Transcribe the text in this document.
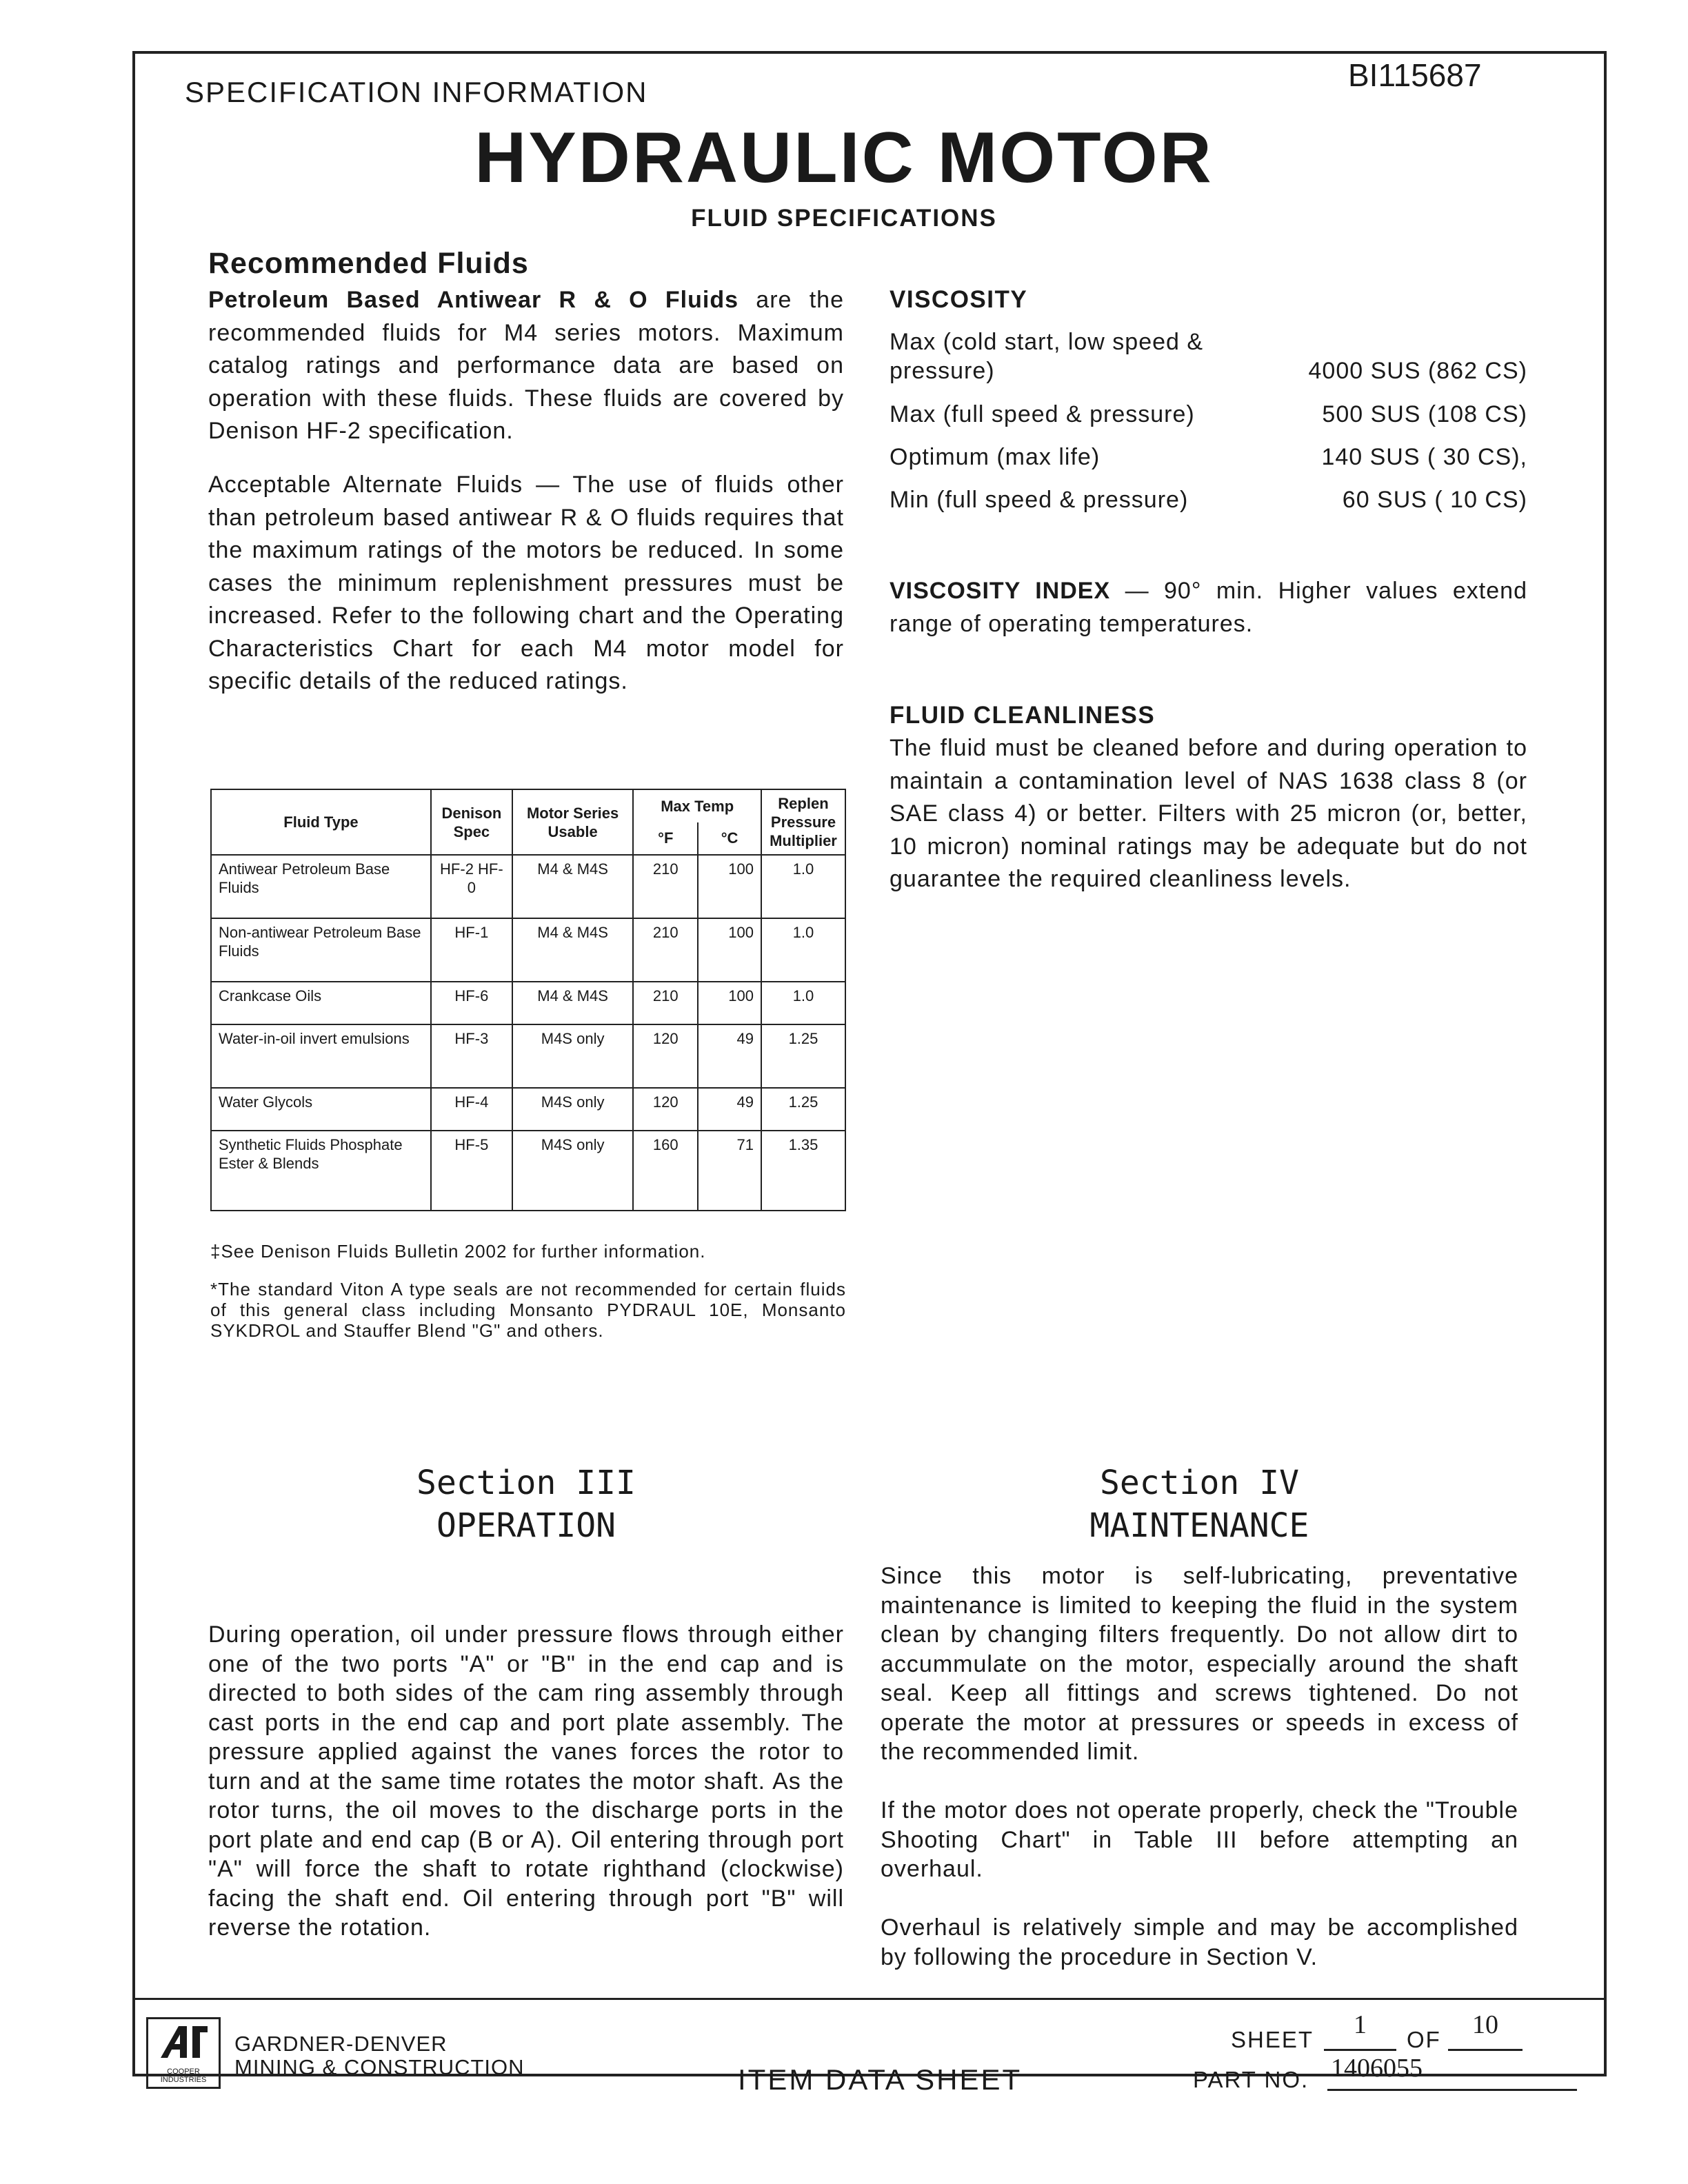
SPECIFICATION INFORMATION	BI115687
HYDRAULIC MOTOR
FLUID SPECIFICATIONS
Recommended Fluids
Petroleum Based Antiwear R & O Fluids are the recommended fluids for M4 series motors. Maximum catalog ratings and performance data are based on operation with these fluids. These fluids are covered by Denison HF-2 specification.
Acceptable Alternate Fluids — The use of fluids other than petroleum based antiwear R & O fluids requires that the maximum ratings of the motors be reduced. In some cases the minimum replenishment pressures must be increased. Refer to the following chart and the Operating Characteristics Chart for each M4 motor model for specific details of the reduced ratings.
Fluid Type	Denison Spec	Motor Series Usable	Max Temp		Replen Pressure Multiplier
			°F	°C	
Antiwear Petroleum Base Fluids	HF-2 HF-0	M4 & M4S	210	100	1.0
Non-antiwear Petroleum Base Fluids	HF-1	M4 & M4S	210	100	1.0
Crankcase Oils	HF-6	M4 & M4S	210	100	1.0
Water-in-oil invert emulsions	HF-3	M4S only	120	49	1.25
Water Glycols	HF-4	M4S only	120	49	1.25
Synthetic Fluids Phosphate Ester & Blends	HF-5	M4S only	160	71	1.35
‡See Denison Fluids Bulletin 2002 for further information.
*The standard Viton A type seals are not recommended for certain fluids of this general class including Monsanto PYDRAUL 10E, Monsanto SYKDROL and Stauffer Blend "G" and others.
VISCOSITY
Max (cold start, low speed & pressure)	4000 SUS (862 CS)
Max (full speed & pressure)	500 SUS (108 CS)
Optimum (max life)	140 SUS ( 30 CS),
Min (full speed & pressure)	60 SUS ( 10 CS)
VISCOSITY INDEX — 90° min. Higher values extend range of operating temperatures.
FLUID CLEANLINESS
The fluid must be cleaned before and during operation to maintain a contamination level of NAS 1638 class 8 (or SAE class 4) or better. Filters with 25 micron (or, better, 10 micron) nominal ratings may be adequate but do not guarantee the required cleanliness levels.
Section III
OPERATION
During operation, oil under pressure flows through either one of the two ports "A" or "B" in the end cap and is directed to both sides of the cam ring assembly through cast ports in the end cap and port plate assembly. The pressure applied against the vanes forces the rotor to turn and at the same time rotates the motor shaft. As the rotor turns, the oil moves to the discharge ports in the port plate and end cap (B or A). Oil entering through port "A" will force the shaft to rotate righthand (clockwise) facing the shaft end. Oil entering through port "B" will reverse the rotation.
Section IV
MAINTENANCE
Since this motor is self-lubricating, preventative maintenance is limited to keeping the fluid in the system clean by changing filters frequently. Do not allow dirt to accummulate on the motor, especially around the shaft seal. Keep all fittings and screws tightened. Do not operate the motor at pressures or speeds in excess of the recommended limit.
If the motor does not operate properly, check the "Trouble Shooting Chart" in Table III before attempting an overhaul.
Overhaul is relatively simple and may be accomplished by following the procedure in Section V.
COOPER INDUSTRIES
GARDNER-DENVER
MINING & CONSTRUCTION	ITEM DATA SHEET
SHEET
1
OF
10
PART NO. 1406055
